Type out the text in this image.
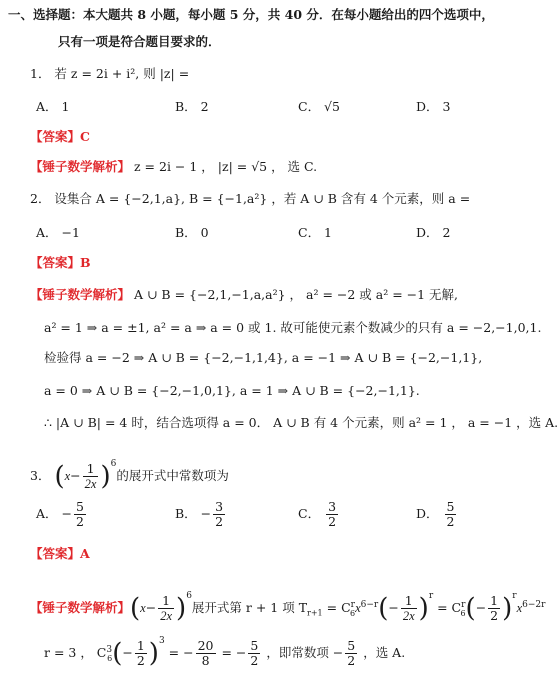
一、选择题：本大题共 8 小题，每小题 5 分，共 40 分．在每小题给出的四个选项中，
只有一项是符合题目要求的．
1． 若 z = 2i + i², 则 |z| =
A． 1	B． 2	C． √5	D． 3
【答案】C
【锤子数学解析】 z = 2i − 1 ， |z| = √5 ， 选 C.
2． 设集合 A = {−2,1,a}, B = {−1,a²} ，若 A ∪ B 含有 4 个元素，则 a =
A． −1	B． 0	C． 1	D． 2
【答案】B
【锤子数学解析】 A ∪ B = {−2,1,−1,a,a²} ， a² = −2 或 a² = −1 无解,
a² = 1 ⇒ a = ±1, a² = a ⇒ a = 0 或 1. 故可能使元素个数减少的只有 a = −2,−1,0,1.
检验得 a = −2 ⇒ A ∪ B = {−2,−1,1,4}, a = −1 ⇒ A ∪ B = {−2,−1,1},
a = 0 ⇒ A ∪ B = {−2,−1,0,1}, a = 1 ⇒ A ∪ B = {−2,−1,1}.
∴ |A ∪ B| = 4 时，结合选项得 a = 0． A ∪ B 有 4 个元素，则 a² = 1 ， a = −1 ，选 A.
3． $(x- \frac{1}{2x} )^6$的展开式中常数项为
A． − $\frac{5}{2}$	B． − $\frac{3}{2}$	C． $\frac{3}{2}$	D． $\frac{5}{2}$
【答案】A
【锤子数学解析】$(x- \frac{1}{2x} )^6$展开式第 r + 1 项 $T_{r+1} = C^r_6x^{6-r}(- \frac{1}{2x} )^r = C^r_6(- \frac{1}{2} )^rx^{6-2r}$
r = 3 ， $C^3_6(- \frac{1}{2} )^3$ = − $\frac{20}{8}$ = − $\frac{5}{2}$ ，即常数项 − $\frac{5}{2}$ ，选 A.
